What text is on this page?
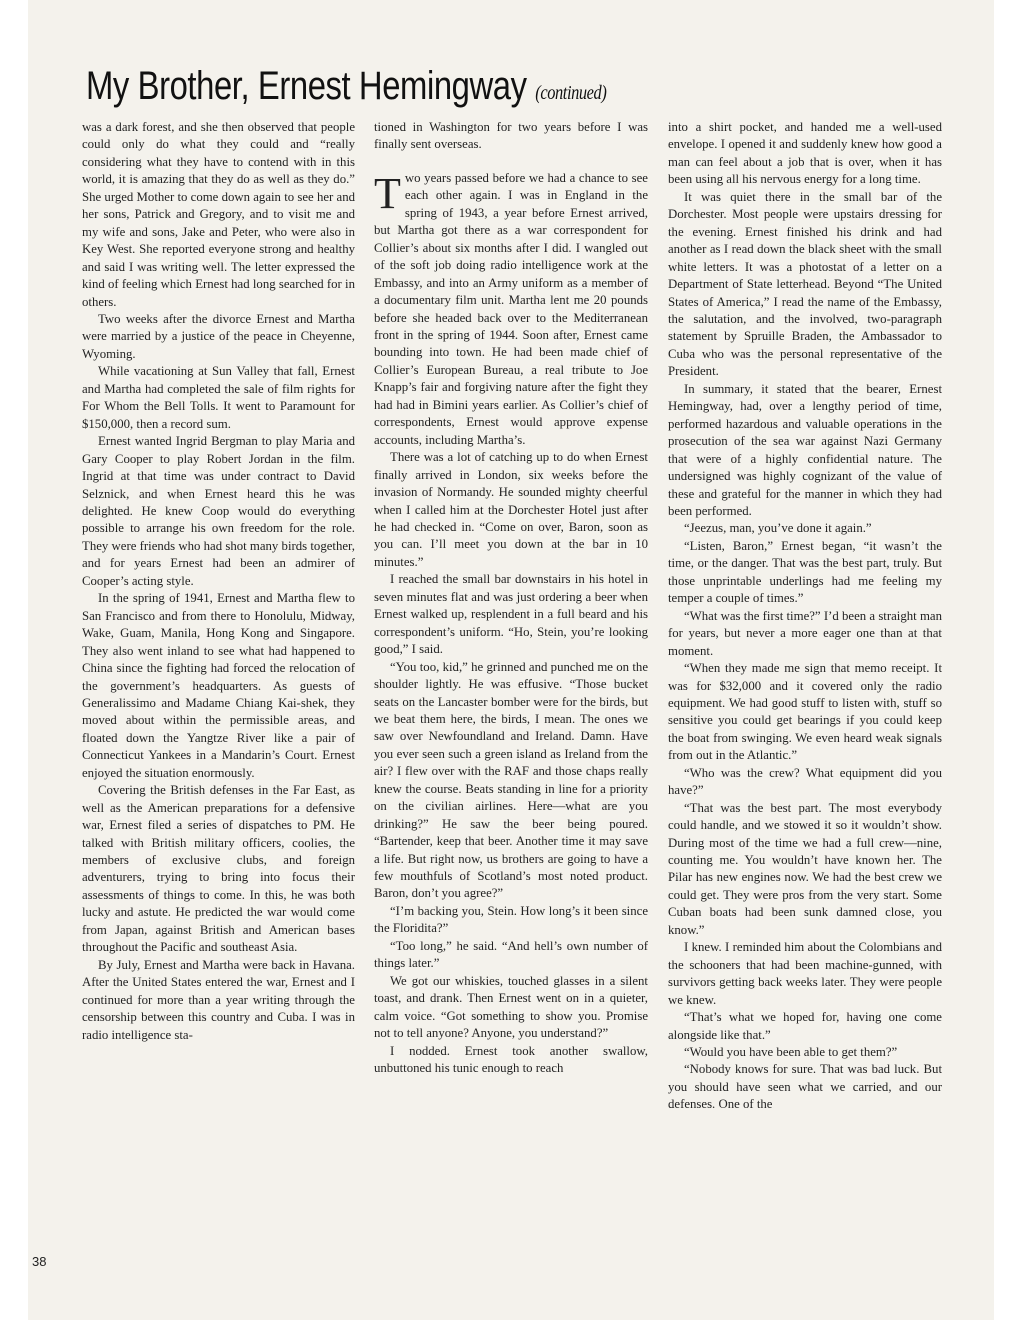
My Brother, Ernest Hemingway (continued)

was a dark forest, and she then observed that people could only do what they could and “really considering what they have to contend with in this world, it is amazing that they do as well as they do.” She urged Mother to come down again to see her and her sons, Patrick and Gregory, and to visit me and my wife and sons, Jake and Peter, who were also in Key West. She reported everyone strong and healthy and said I was writing well. The letter expressed the kind of feeling which Ernest had long searched for in others.

Two weeks after the divorce Ernest and Martha were married by a justice of the peace in Cheyenne, Wyoming.

While vacationing at Sun Valley that fall, Ernest and Martha had completed the sale of film rights for For Whom the Bell Tolls. It went to Paramount for $150,000, then a record sum.

Ernest wanted Ingrid Bergman to play Maria and Gary Cooper to play Robert Jordan in the film. Ingrid at that time was under contract to David Selznick, and when Ernest heard this he was delighted. He knew Coop would do everything possible to arrange his own freedom for the role. They were friends who had shot many birds together, and for years Ernest had been an admirer of Cooper’s acting style.

In the spring of 1941, Ernest and Martha flew to San Francisco and from there to Honolulu, Midway, Wake, Guam, Manila, Hong Kong and Singapore. They also went inland to see what had happened to China since the fighting had forced the relocation of the government’s headquarters. As guests of Generalissimo and Madame Chiang Kai-shek, they moved about within the permissible areas, and floated down the Yangtze River like a pair of Connecticut Yankees in a Mandarin’s Court. Ernest enjoyed the situation enormously.

Covering the British defenses in the Far East, as well as the American preparations for a defensive war, Ernest filed a series of dispatches to PM. He talked with British military officers, coolies, the members of exclusive clubs, and foreign adventurers, trying to bring into focus their assessments of things to come. In this, he was both lucky and astute. He predicted the war would come from Japan, against British and American bases throughout the Pacific and southeast Asia.

By July, Ernest and Martha were back in Havana. After the United States entered the war, Ernest and I continued for more than a year writing through the censorship between this country and Cuba. I was in radio intelligence sta-

tioned in Washington for two years before I was finally sent overseas.

Two years passed before we had a chance to see each other again. I was in England in the spring of 1943, a year before Ernest arrived, but Martha got there as a war correspondent for Collier’s about six months after I did. I wangled out of the soft job doing radio intelligence work at the Embassy, and into an Army uniform as a member of a documentary film unit. Martha lent me 20 pounds before she headed back over to the Mediterranean front in the spring of 1944. Soon after, Ernest came bounding into town. He had been made chief of Collier’s European Bureau, a real tribute to Joe Knapp’s fair and forgiving nature after the fight they had had in Bimini years earlier. As Collier’s chief of correspondents, Ernest would approve expense accounts, including Martha’s.

There was a lot of catching up to do when Ernest finally arrived in London, six weeks before the invasion of Normandy. He sounded mighty cheerful when I called him at the Dorchester Hotel just after he had checked in. “Come on over, Baron, soon as you can. I’ll meet you down at the bar in 10 minutes.”

I reached the small bar downstairs in his hotel in seven minutes flat and was just ordering a beer when Ernest walked up, resplendent in a full beard and his correspondent’s uniform. “Ho, Stein, you’re looking good,” I said.

“You too, kid,” he grinned and punched me on the shoulder lightly. He was effusive. “Those bucket seats on the Lancaster bomber were for the birds, but we beat them here, the birds, I mean. The ones we saw over Newfoundland and Ireland. Damn. Have you ever seen such a green island as Ireland from the air? I flew over with the RAF and those chaps really knew the course. Beats standing in line for a priority on the civilian airlines. Here—what are you drinking?” He saw the beer being poured. “Bartender, keep that beer. Another time it may save a life. But right now, us brothers are going to have a few mouthfuls of Scotland’s most noted product. Baron, don’t you agree?”

“I’m backing you, Stein. How long’s it been since the Floridita?”

“Too long,” he said. “And hell’s own number of things later.”

We got our whiskies, touched glasses in a silent toast, and drank. Then Ernest went on in a quieter, calm voice. “Got something to show you. Promise not to tell anyone? Anyone, you understand?”

I nodded. Ernest took another swallow, unbuttoned his tunic enough to reach

into a shirt pocket, and handed me a well-used envelope. I opened it and suddenly knew how good a man can feel about a job that is over, when it has been using all his nervous energy for a long time.

It was quiet there in the small bar of the Dorchester. Most people were upstairs dressing for the evening. Ernest finished his drink and had another as I read down the black sheet with the small white letters. It was a photostat of a letter on a Department of State letterhead. Beyond “The United States of America,” I read the name of the Embassy, the salutation, and the involved, two-paragraph statement by Spruille Braden, the Ambassador to Cuba who was the personal representative of the President.

In summary, it stated that the bearer, Ernest Hemingway, had, over a lengthy period of time, performed hazardous and valuable operations in the prosecution of the sea war against Nazi Germany that were of a highly confidential nature. The undersigned was highly cognizant of the value of these and grateful for the manner in which they had been performed.

“Jeezus, man, you’ve done it again.”

“Listen, Baron,” Ernest began, “it wasn’t the time, or the danger. That was the best part, truly. But those unprintable underlings had me feeling my temper a couple of times.”

“What was the first time?” I’d been a straight man for years, but never a more eager one than at that moment.

“When they made me sign that memo receipt. It was for $32,000 and it covered only the radio equipment. We had good stuff to listen with, stuff so sensitive you could get bearings if you could keep the boat from swinging. We even heard weak signals from out in the Atlantic.”

“Who was the crew? What equipment did you have?”

“That was the best part. The most everybody could handle, and we stowed it so it wouldn’t show. During most of the time we had a full crew—nine, counting me. You wouldn’t have known her. The Pilar has new engines now. We had the best crew we could get. They were pros from the very start. Some Cuban boats had been sunk damned close, you know.”

I knew. I reminded him about the Colombians and the schooners that had been machine-gunned, with survivors getting back weeks later. They were people we knew.

“That’s what we hoped for, having one come alongside like that.”

“Would you have been able to get them?”

“Nobody knows for sure. That was bad luck. But you should have seen what we carried, and our defenses. One of the

38
